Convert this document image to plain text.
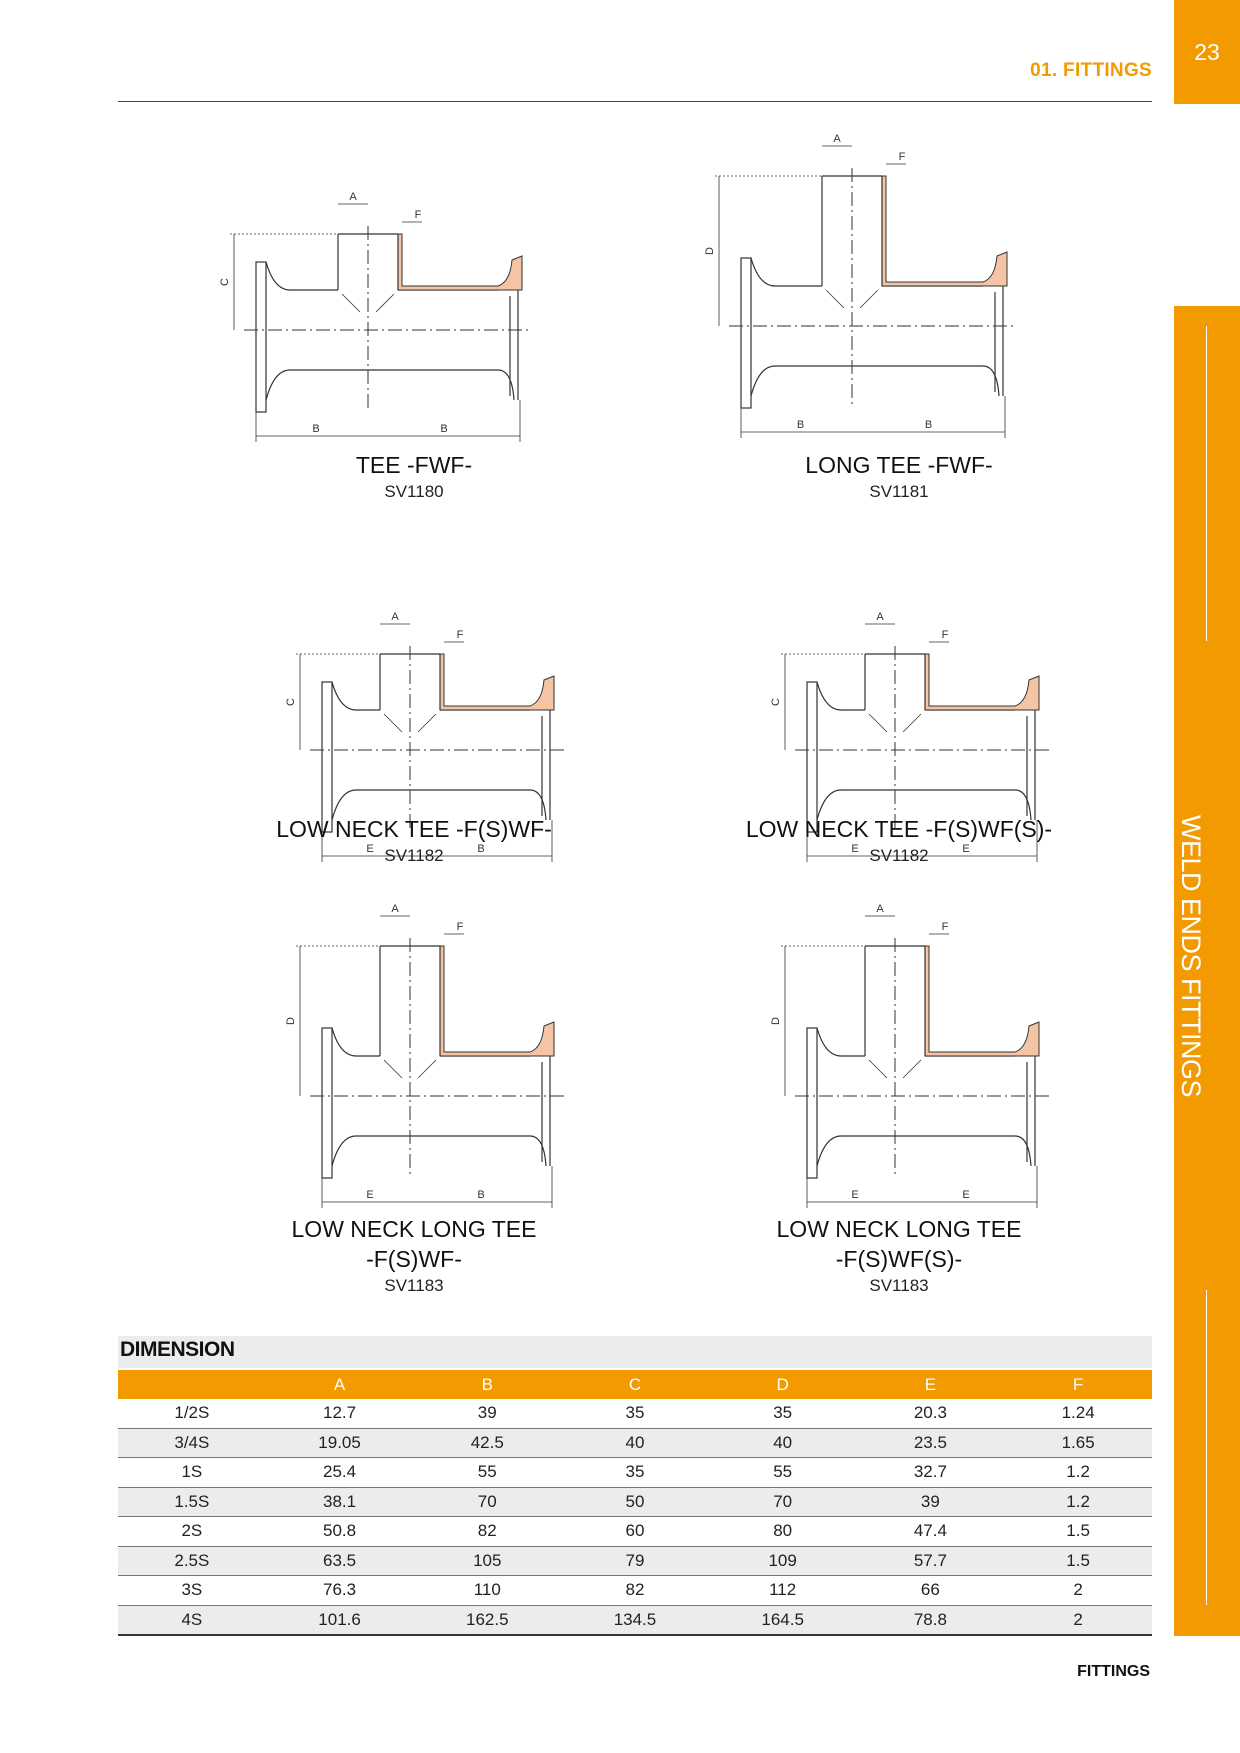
01. FITTINGS
23
WELD ENDS FITTINGS
A
F
C
B	B
A
F
D
B	B
A
F
C
E	B
A
F
C
E	E
A
F
D
E	B
A
F
D
E	E
TEE -FWF-
SV1180
LONG TEE -FWF-
SV1181
LOW NECK TEE -F(S)WF-
SV1182
LOW NECK TEE -F(S)WF(S)-
SV1182
LOW NECK LONG TEE
-F(S)WF-
SV1183
LOW NECK LONG TEE
-F(S)WF(S)-
SV1183
DIMENSION
	A	B	C	D	E	F
1/2S	12.7	39	35	35	20.3	1.24
3/4S	19.05	42.5	40	40	23.5	1.65
1S	25.4	55	35	55	32.7	1.2
1.5S	38.1	70	50	70	39	1.2
2S	50.8	82	60	80	47.4	1.5
2.5S	63.5	105	79	109	57.7	1.5
3S	76.3	110	82	112	66	2
4S	101.6	162.5	134.5	164.5	78.8	2
FITTINGS
